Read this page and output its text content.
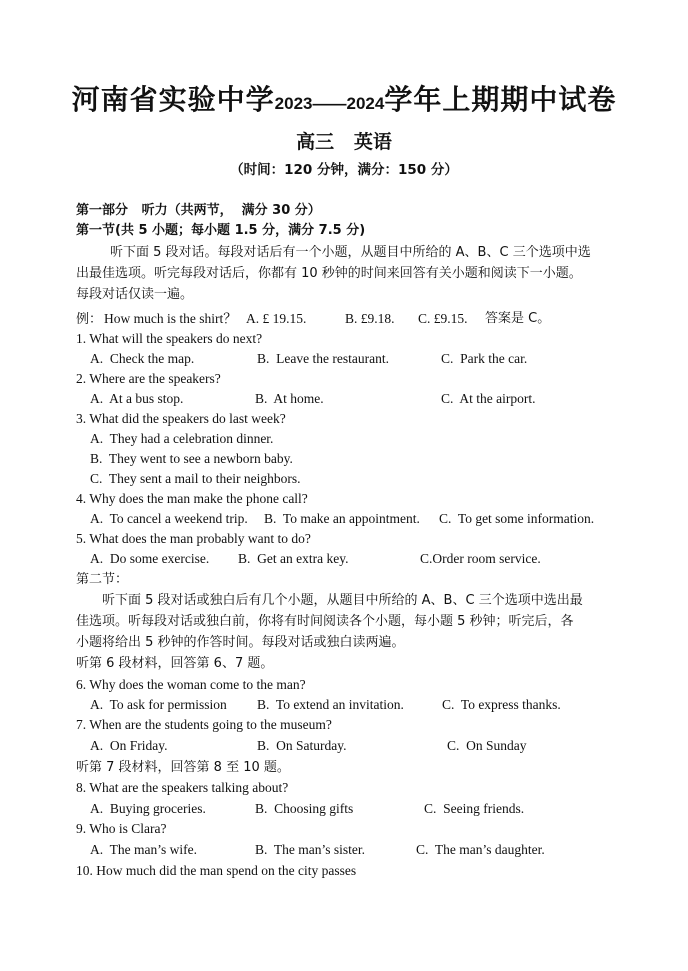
河南省实验中学2023——2024学年上期期中试卷
高三   英语
（时间：120 分钟，满分：150 分）
第一部分   听力（共两节，  满分 30 分）
第一节(共 5 小题；每小题 1.5 分，满分 7.5 分)
听下面 5 段对话。每段对话后有一个小题，从题目中所给的 A、B、C 三个选项中选
出最佳选项。听完每段对话后，你都有 10 秒钟的时间来回答有关小题和阅读下一小题。
每段对话仅读一遍。
例： How much is the shirt？ A. £ 19.15.	B. £9.18. C. £9.15. 答案是 C。
1. What will the speakers do next?
A.  Check the map.	B.  Leave the restaurant.	C.  Park the car.
2. Where are the speakers?
A.  At a bus stop.	B.  At home.	C.  At the airport.
3. What did the speakers do last week?
A.  They had a celebration dinner.
B.  They went to see a newborn baby.
C.  They sent a mail to their neighbors.
4. Why does the man make the phone call?
A.  To cancel a weekend trip. B.  To make an appointment. C.  To get some information.
5. What does the man probably want to do?
A.  Do some exercise. B.  Get an extra key.	C.Order room service.
第二节：
听下面 5 段对话或独白后有几个小题，从题目中所给的 A、B、C 三个选项中选出最
佳选项。听每段对话或独白前，你将有时间阅读各个小题，每小题 5 秒钟；听完后，各
小题将给出 5 秒钟的作答时间。每段对话或独白读两遍。
听第 6 段材料，回答第 6、7 题。
6. Why does the woman come to the man?
A.  To ask for permission B.  To extend an invitation.	C.  To express thanks.
7. When are the students going to the museum?
A.  On Friday.	B.  On Saturday.	C.  On Sunday
听第 7 段材料，回答第 8 至 10 题。
8. What are the speakers talking about?
A.  Buying groceries.	B.  Choosing gifts	C.  Seeing friends.
9. Who is Clara?
A.  The man’s wife.	B.  The man’s sister.	C.  The man’s daughter.
10. How much did the man spend on the city passes
